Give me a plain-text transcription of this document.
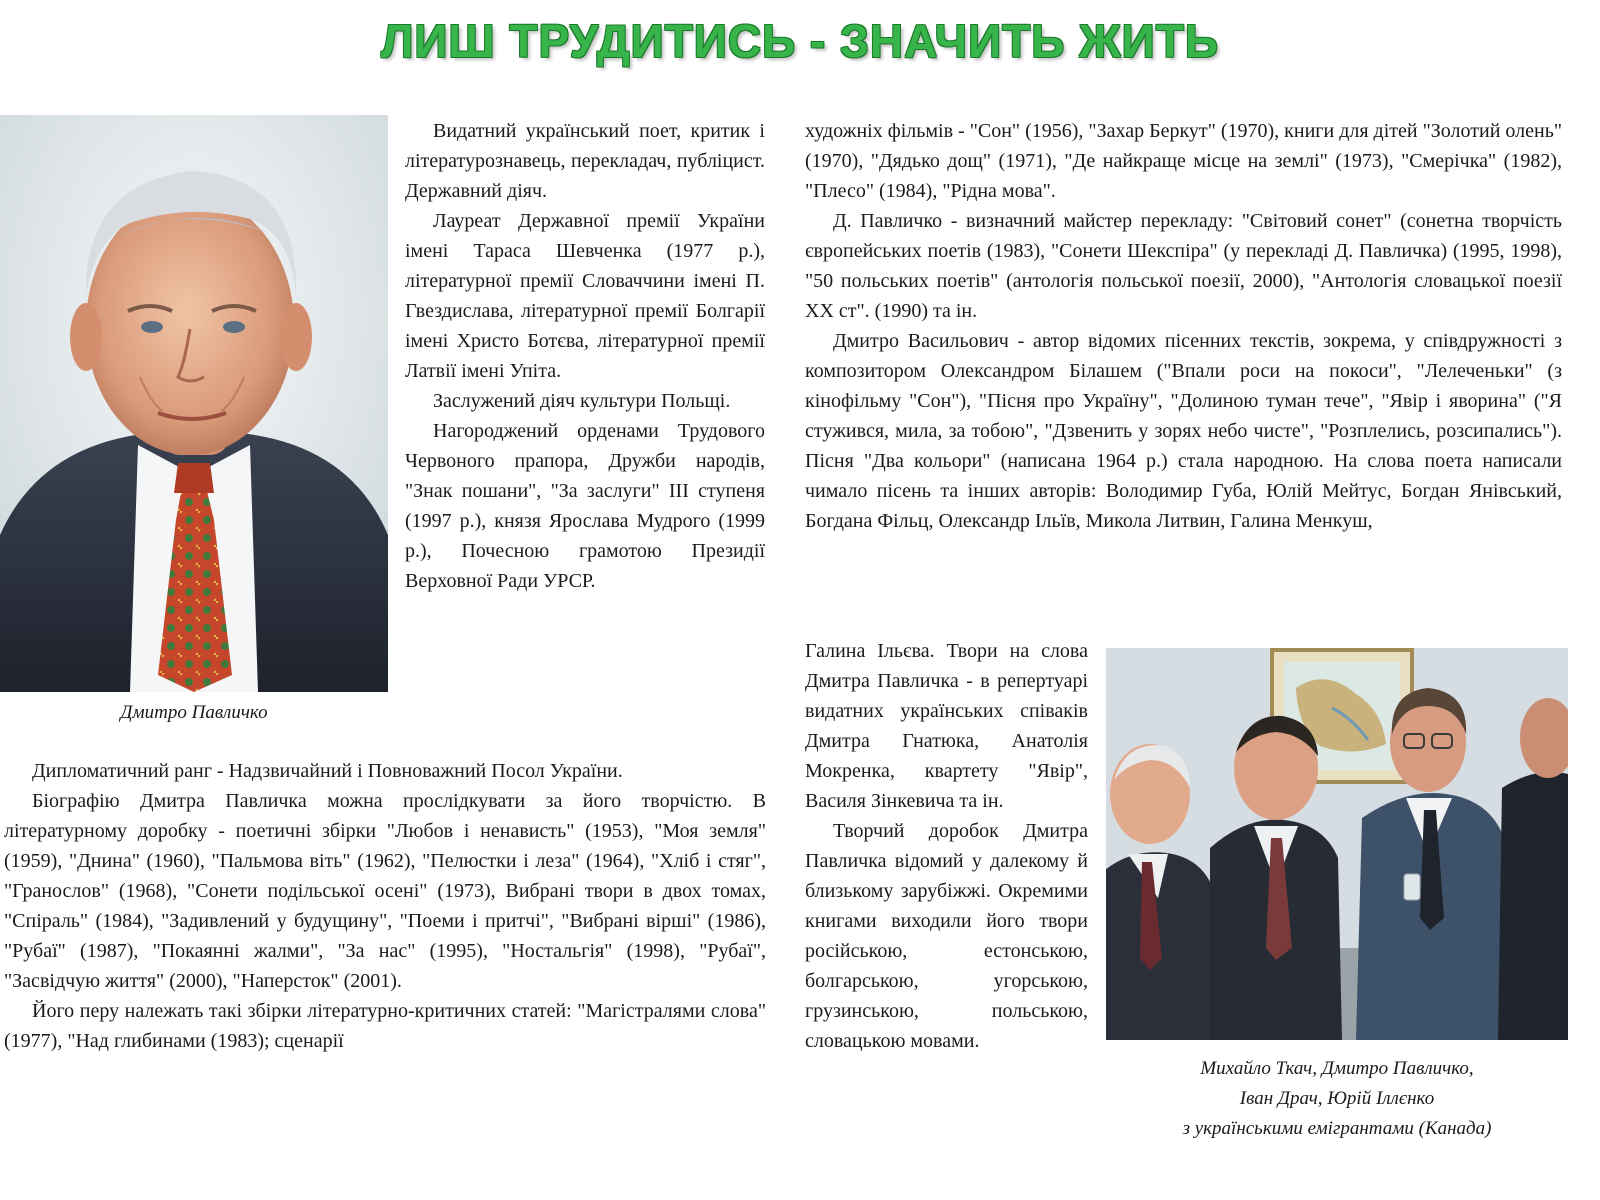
ЛИШ ТРУДИТИСЬ - ЗНАЧИТЬ ЖИТЬ
Дмитро Павличко

Видатний український поет, критик і літературознавець, перекладач, публіцист. Державний діяч.

Лауреат Державної премії України імені Тараса Шевченка (1977 р.), літературної премії Словаччини імені П. Гвездислава, літературної премії Болгарії імені Христо Ботєва, літературної премії Латвії імені Упіта.

Заслужений діяч культури Польщі.

Нагороджений орденами Трудового Червоного прапора, Дружби народів, "Знак пошани", "За заслуги" ІІІ ступеня (1997 р.), князя Ярослава Мудрого (1999 р.), Почесною грамотою Президії Верховної Ради УРСР.

Дипломатичний ранг - Надзвичайний і Повноважний Посол України.

Біографію Дмитра Павличка можна прослідкувати за його творчістю. В літературному доробку - поетичні збірки "Любов і ненависть" (1953), "Моя земля" (1959), "Днина" (1960), "Пальмова віть" (1962), "Пелюстки і леза" (1964), "Хліб і стяг", "Гранослов" (1968), "Сонети подільської осені" (1973), Вибрані твори в двох томах, "Спіраль" (1984), "Задивлений у будущину", "Поеми і притчі", "Вибрані вірші" (1986), "Рубаї" (1987), "Покаянні жалми", "За нас" (1995), "Ностальгія" (1998), "Рубаї", "Засвідчую життя" (2000), "Наперсток" (2001).

Його перу належать такі збірки літературно-критичних статей: "Магістралями слова" (1977), "Над глибинами (1983); сценарії

художніх фільмів - "Сон" (1956), "Захар Беркут" (1970), книги для дітей "Золотий олень" (1970), "Дядько дощ" (1971), "Де найкраще місце на землі" (1973), "Смерічка" (1982), "Плесо" (1984), "Рідна мова".

Д. Павличко - визначний майстер перекладу: "Світовий сонет" (сонетна творчість європейських поетів (1983), "Сонети Шекспіра" (у перекладі Д. Павличка) (1995, 1998), "50 польських поетів" (антологія польської поезії, 2000), "Антологія словацької поезії ХХ ст". (1990) та ін.

Дмитро Васильович - автор відомих пісенних текстів, зокрема, у співдружності з композитором Олександром Білашем ("Впали роси на покоси", "Лелеченьки" (з кінофільму "Сон"), "Пісня про Україну", "Долиною туман тече", "Явір і яворина" ("Я стужився, мила, за тобою", "Дзвенить у зорях небо чисте", "Розплелись, розсипались"). Пісня "Два кольори" (написана 1964 р.) стала народною. На слова поета написали чимало пісень та інших авторів: Володимир Губа, Юлій Мейтус, Богдан Янівський, Богдана Фільц, Олександр Ільїв, Микола Литвин, Галина Менкуш,

Галина Ільєва. Твори на слова Дмитра Павличка - в репертуарі видатних українських співаків Дмитра Гнатюка, Анатолія Мокренка, квартету "Явір", Василя Зінкевича та ін.

Творчий доробок Дмитра Павличка відомий у далекому й близькому зарубіжжі. Окремими книгами виходили його твори російською, естонською, болгарською, угорською, грузинською, польською, словацькою мовами.

Михайло Ткач, Дмитро Павличко,
Іван Драч, Юрій Іллєнко
з українськими емігрантами (Канада)
